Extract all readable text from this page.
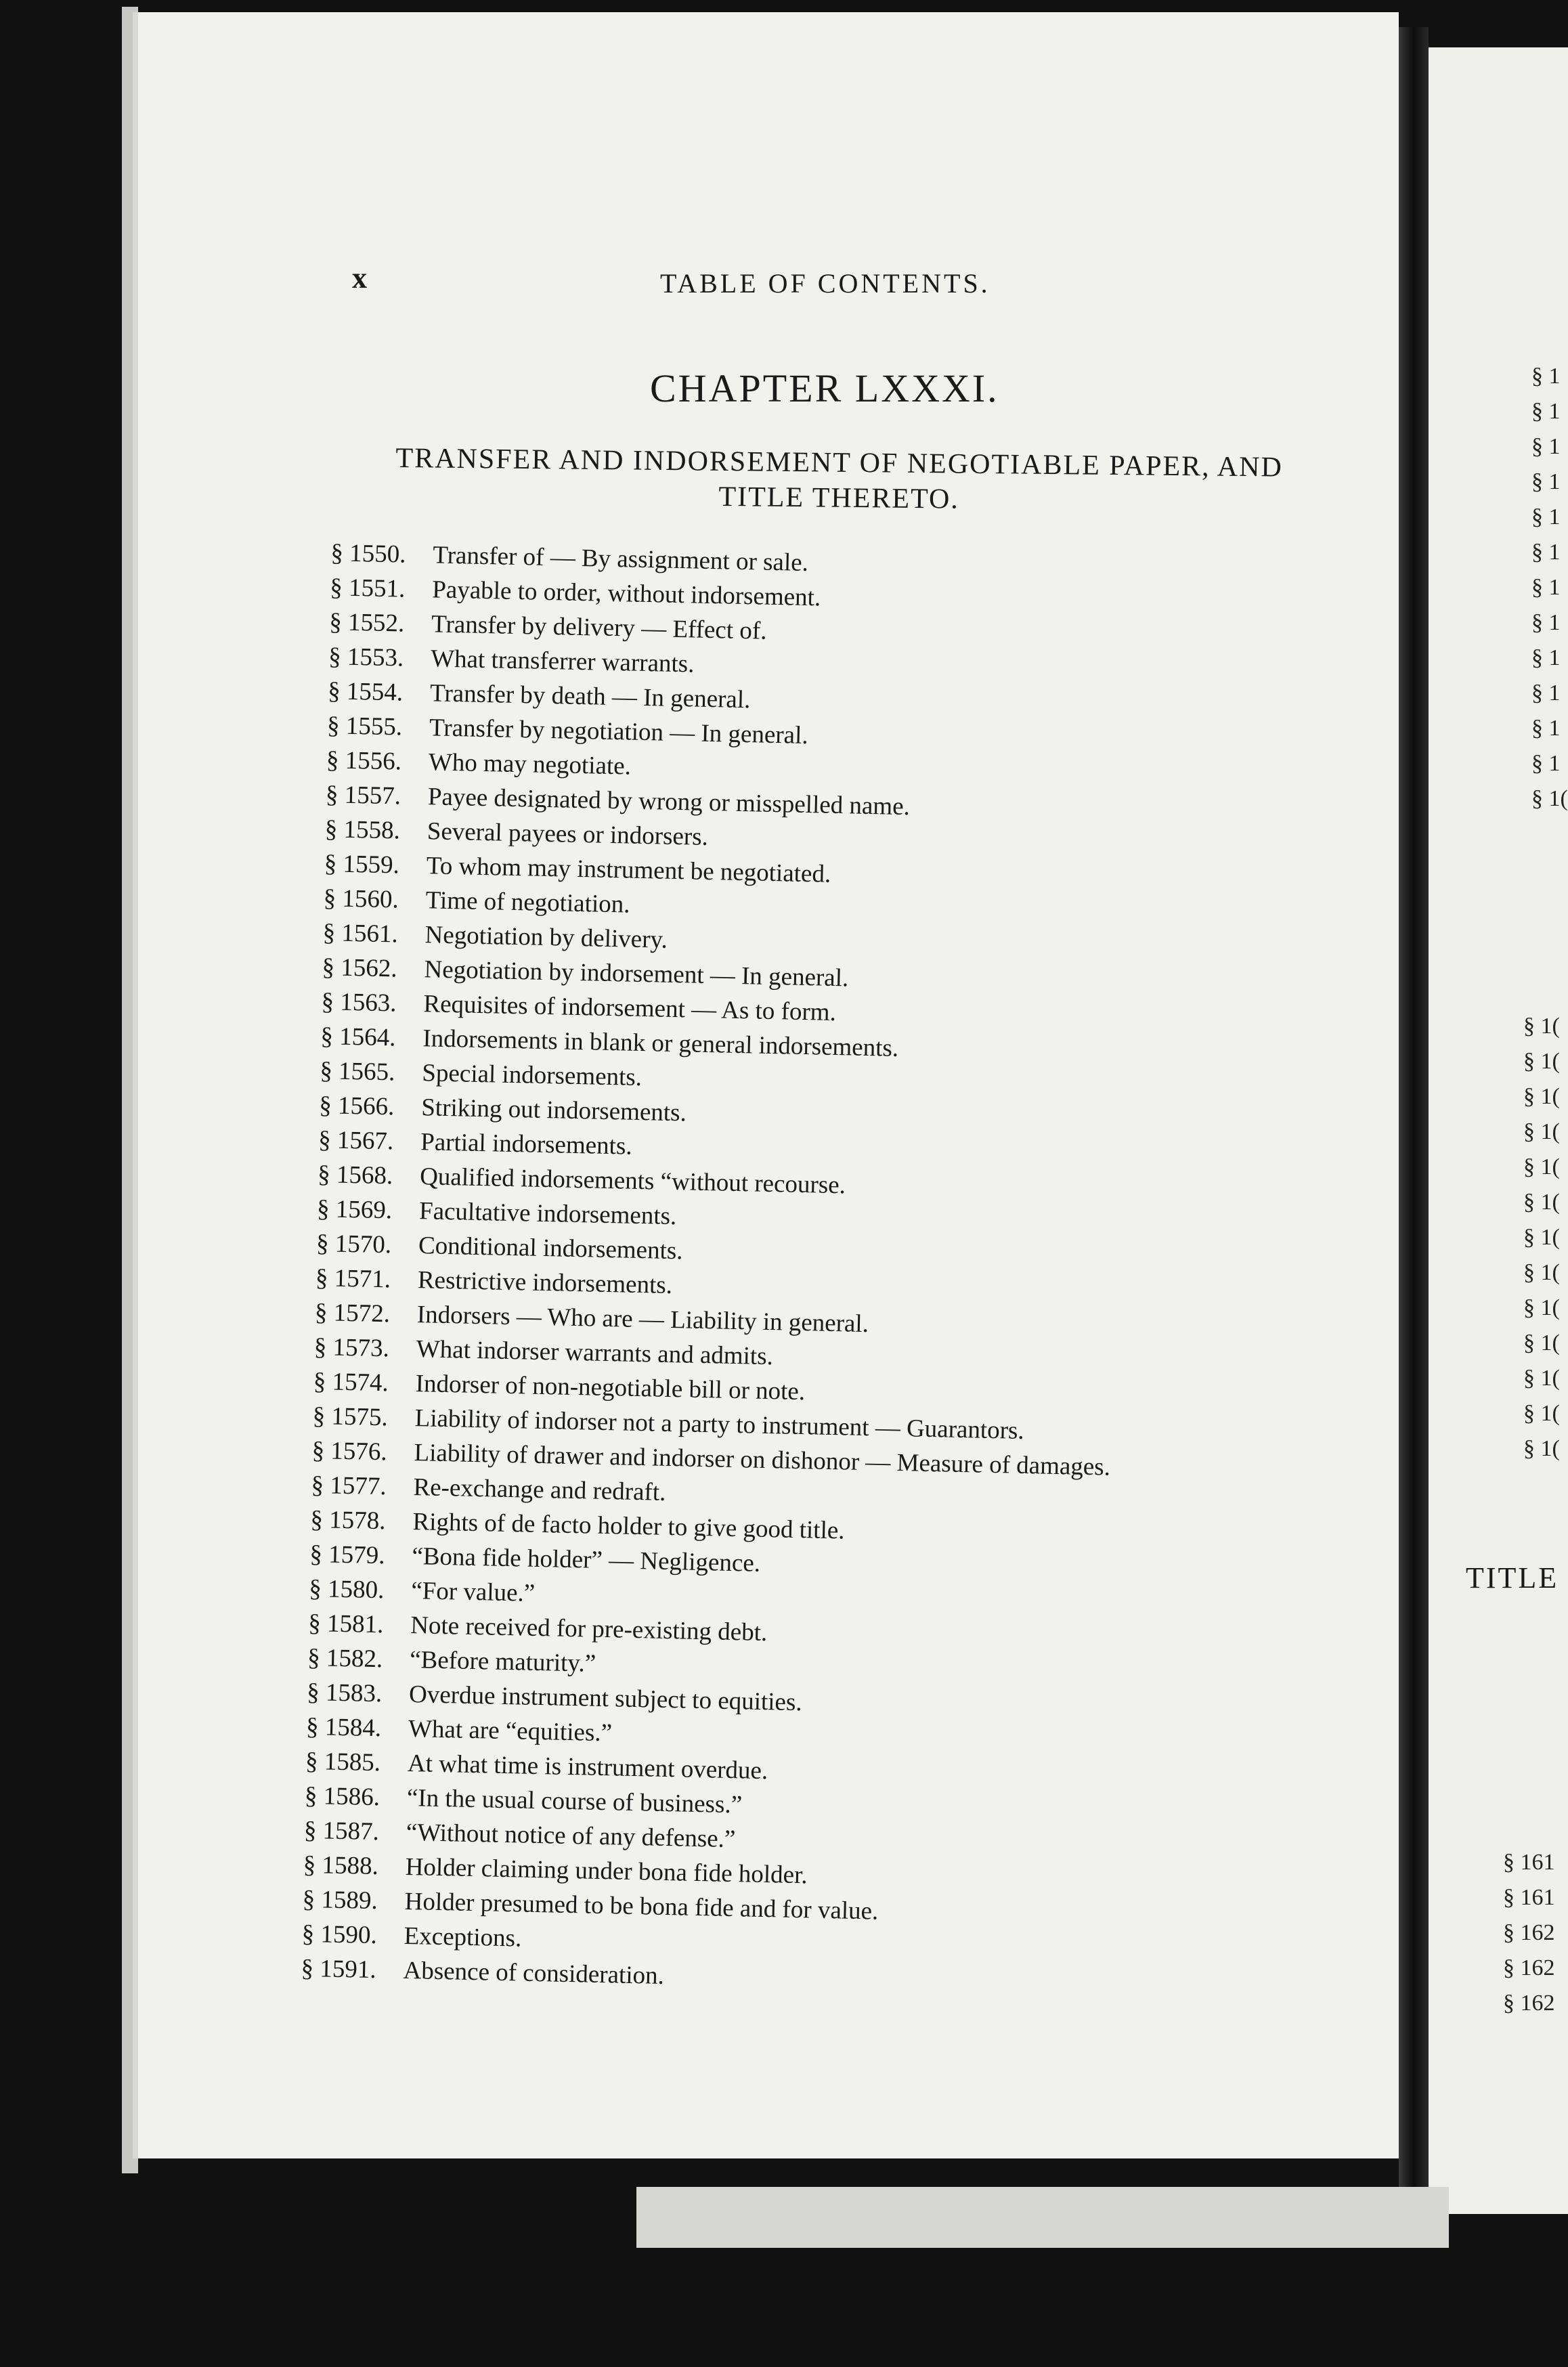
x	TABLE OF CONTENTS.
CHAPTER LXXXI.
TRANSFER AND INDORSEMENT OF NEGOTIABLE PAPER, AND
TITLE THERETO.
§ 1550. Transfer of — By assignment or sale.
§ 1551. Payable to order, without indorsement.
§ 1552. Transfer by delivery — Effect of.
§ 1553. What transferrer warrants.
§ 1554. Transfer by death — In general.
§ 1555. Transfer by negotiation — In general.
§ 1556. Who may negotiate.
§ 1557. Payee designated by wrong or misspelled name.
§ 1558. Several payees or indorsers.
§ 1559. To whom may instrument be negotiated.
§ 1560. Time of negotiation.
§ 1561. Negotiation by delivery.
§ 1562. Negotiation by indorsement — In general.
§ 1563. Requisites of indorsement — As to form.
§ 1564. Indorsements in blank or general indorsements.
§ 1565. Special indorsements.
§ 1566. Striking out indorsements.
§ 1567. Partial indorsements.
§ 1568. Qualified indorsements “without recourse.
§ 1569. Facultative indorsements.
§ 1570. Conditional indorsements.
§ 1571. Restrictive indorsements.
§ 1572. Indorsers — Who are — Liability in general.
§ 1573. What indorser warrants and admits.
§ 1574. Indorser of non-negotiable bill or note.
§ 1575. Liability of indorser not a party to instrument — Guarantors.
§ 1576. Liability of drawer and indorser on dishonor — Measure of damages.
§ 1577. Re-exchange and redraft.
§ 1578. Rights of de facto holder to give good title.
§ 1579. “Bona fide holder” — Negligence.
§ 1580. “For value.”
§ 1581. Note received for pre-existing debt.
§ 1582. “Before maturity.”
§ 1583. Overdue instrument subject to equities.
§ 1584. What are “equities.”
§ 1585. At what time is instrument overdue.
§ 1586. “In the usual course of business.”
§ 1587. “Without notice of any defense.”
§ 1588. Holder claiming under bona fide holder.
§ 1589. Holder presumed to be bona fide and for value.
§ 1590. Exceptions.
§ 1591. Absence of consideration.
§ 1
§ 1
§ 1
§ 1
§ 1
§ 1
§ 1
§ 1
§ 1
§ 1
§ 1
§ 1
§ 1(
§ 1(
§ 1(
§ 1(
§ 1(
§ 1(
§ 1(
§ 1(
§ 1(
§ 1(
§ 1(
§ 1(
§ 1(
§ 1(
TITLE
§ 161
§ 161
§ 162
§ 162
§ 162
